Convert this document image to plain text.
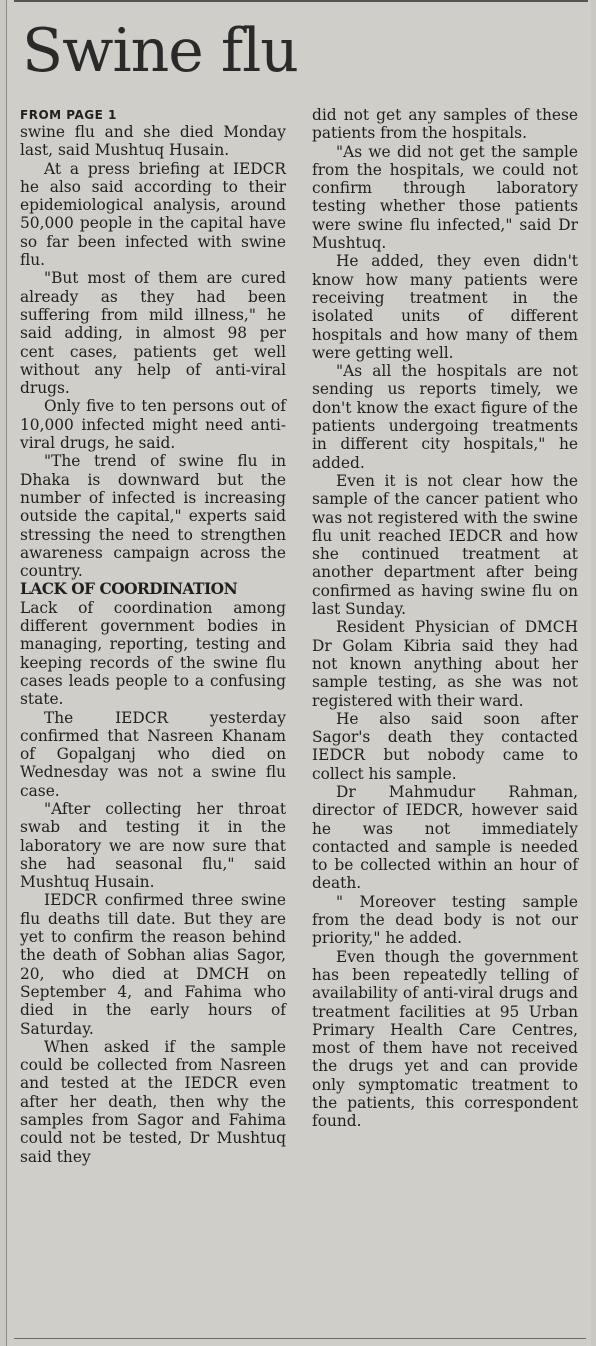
Swine flu
FROM PAGE 1

swine flu and she died Monday last, said Mushtuq Husain.

At a press briefing at IEDCR he also said according to their epidemiological analysis, around 50,000 people in the capital have so far been infected with swine flu.

"But most of them are cured already as they had been suffering from mild illness," he said adding, in almost 98 per cent cases, patients get well without any help of anti-viral drugs.

Only five to ten persons out of 10,000 infected might need anti-viral drugs, he said.

"The trend of swine flu in Dhaka is downward but the number of infected is increasing outside the capital," experts said stressing the need to strengthen awareness campaign across the country.

LACK OF COORDINATION

Lack of coordination among different government bodies in managing, reporting, testing and keeping records of the swine flu cases leads people to a confusing state.

The IEDCR yesterday confirmed that Nasreen Khanam of Gopalganj who died on Wednesday was not a swine flu case.

"After collecting her throat swab and testing it in the laboratory we are now sure that she had seasonal flu," said Mushtuq Husain.

IEDCR confirmed three swine flu deaths till date. But they are yet to confirm the reason behind the death of Sobhan alias Sagor, 20, who died at DMCH on September 4, and Fahima who died in the early hours of Saturday.

When asked if the sample could be collected from Nasreen and tested at the IEDCR even after her death, then why the samples from Sagor and Fahima could not be tested, Dr Mushtuq said they

did not get any samples of these patients from the hospitals.

"As we did not get the sample from the hospitals, we could not confirm through laboratory testing whether those patients were swine flu infected," said Dr Mushtuq.

He added, they even didn't know how many patients were receiving treatment in the isolated units of different hospitals and how many of them were getting well.

"As all the hospitals are not sending us reports timely, we don't know the exact figure of the patients undergoing treatments in different city hospitals," he added.

Even it is not clear how the sample of the cancer patient who was not registered with the swine flu unit reached IEDCR and how she continued treatment at another department after being confirmed as having swine flu on last Sunday.

Resident Physician of DMCH Dr Golam Kibria said they had not known anything about her sample testing, as she was not registered with their ward.

He also said soon after Sagor's death they contacted IEDCR but nobody came to collect his sample.

Dr Mahmudur Rahman, director of IEDCR, however said he was not immediately contacted and sample is needed to be collected within an hour of death.

" Moreover testing sample from the dead body is not our priority," he added.

Even though the government has been repeatedly telling of availability of anti-viral drugs and treatment facilities at 95 Urban Primary Health Care Centres, most of them have not received the drugs yet and can provide only symptomatic treatment to the patients, this correspondent found.
